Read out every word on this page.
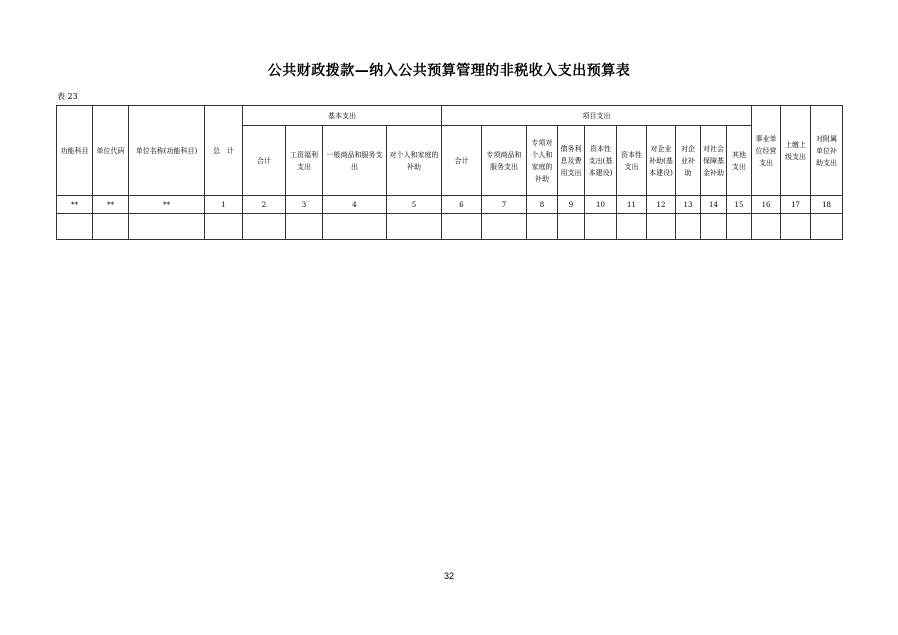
公共财政拨款—纳入公共预算管理的非税收入支出预算表
表 23
功能科目	单位代码	单位名称(功能科目)	总　计	基本支出				项目支出										事业单位经营支出	上缴上级支出	对附属单位补助支出
				合计	工资福利支出	一般商品和服务支出	对个人和家庭的补助	合计	专项商品和服务支出	专项对个人和家庭的补助	债务利息及费用支出	资本性支出(基本建设)	资本性支出	对企业补助(基本建设)	对企业补助	对社会保障基金补助	其他支出			
**	**	**	1	2	3	4	5	6	7	8	9	10	11	12	13	14	15	16	17	18

32
